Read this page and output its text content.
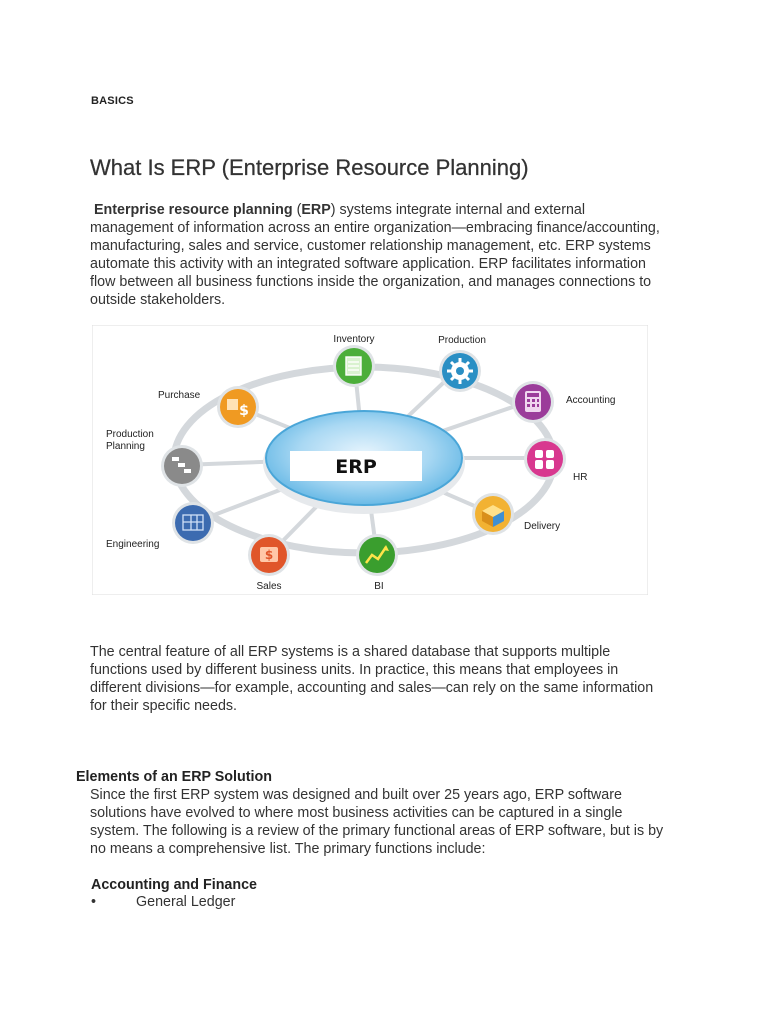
BASICS
What Is ERP (Enterprise Resource Planning)

Enterprise resource planning (ERP) systems integrate internal and external management of information across an entire organization—embracing finance/accounting, manufacturing, sales and service, customer relationship management, etc. ERP systems automate this activity with an integrated software application. ERP facilitates information flow between all business functions inside the organization, and manages connections to outside stakeholders.

ERP
Inventory	Production
Accounting
HR
Delivery
BI
$
Sales
Engineering
Production Planning
$
Purchase

The central feature of all ERP systems is a shared database that supports multiple functions used by different business units. In practice, this means that employees in different divisions—for example, accounting and sales—can rely on the same information for their specific needs.

Elements of an ERP Solution

Since the first ERP system was designed and built over 25 years ago, ERP software solutions have evolved to where most business activities can be captured in a single system. The following is a review of the primary functional areas of ERP software, but is by no means a comprehensive list. The primary functions include:

Accounting and Finance
•	General Ledger
